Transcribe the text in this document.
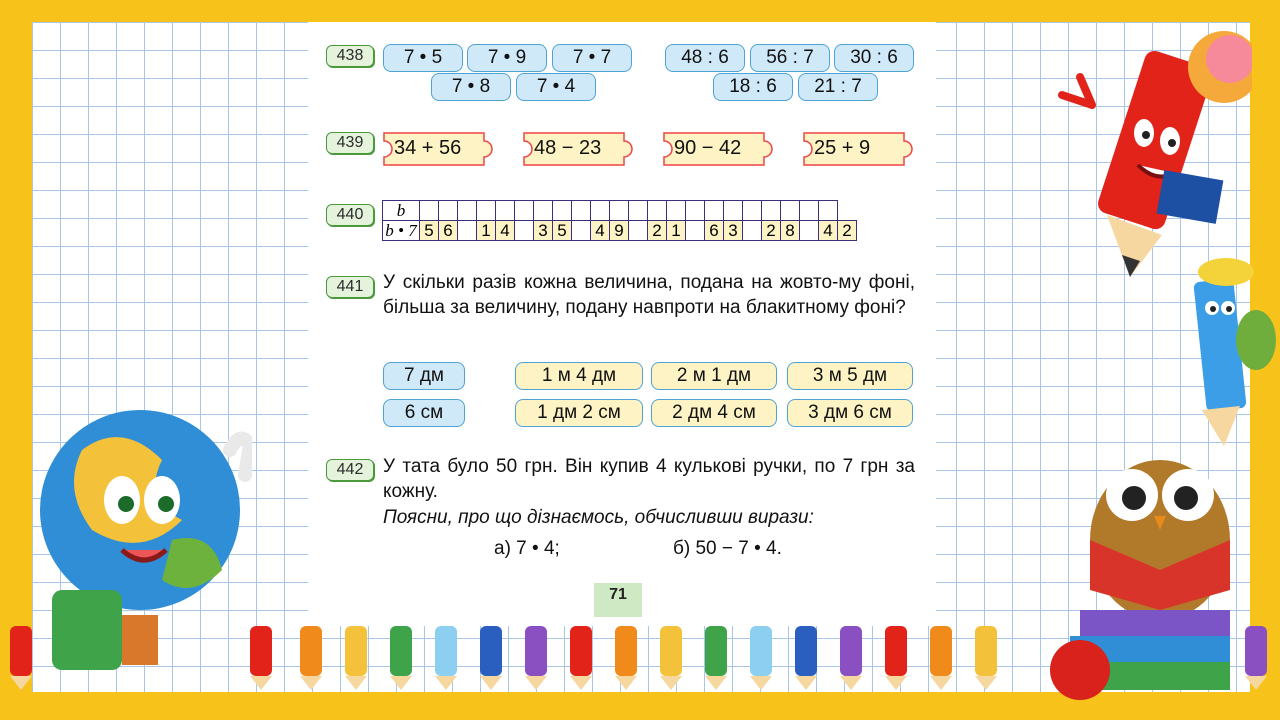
438	7 • 5	7 • 9	7 • 7
7 • 8	7 • 4
48 : 6	56 : 7	30 : 6
18 : 6	21 : 7
439	34 + 56	48 − 23	90 − 42	25 + 9
440	b																							
b • 7	5	6		1	4		3	5		4	9		2	1		6	3		2	8		4	2
441	У скільки разів кожна величина, подана на жовто-му фоні, більша за величину, подану навпроти на блакитному фоні?
7 дм
6 см
1 м 4 дм	2 м 1 дм	3 м 5 дм
1 дм 2 см	2 дм 4 см	3 дм 6 см
442	У тата було 50 грн. Він купив 4 кулькові ручки, по 7 грн за кожну.
Поясни, про що дізнаємось, обчисливши вирази:
а) 7 • 4;	б) 50 − 7 • 4.
71
